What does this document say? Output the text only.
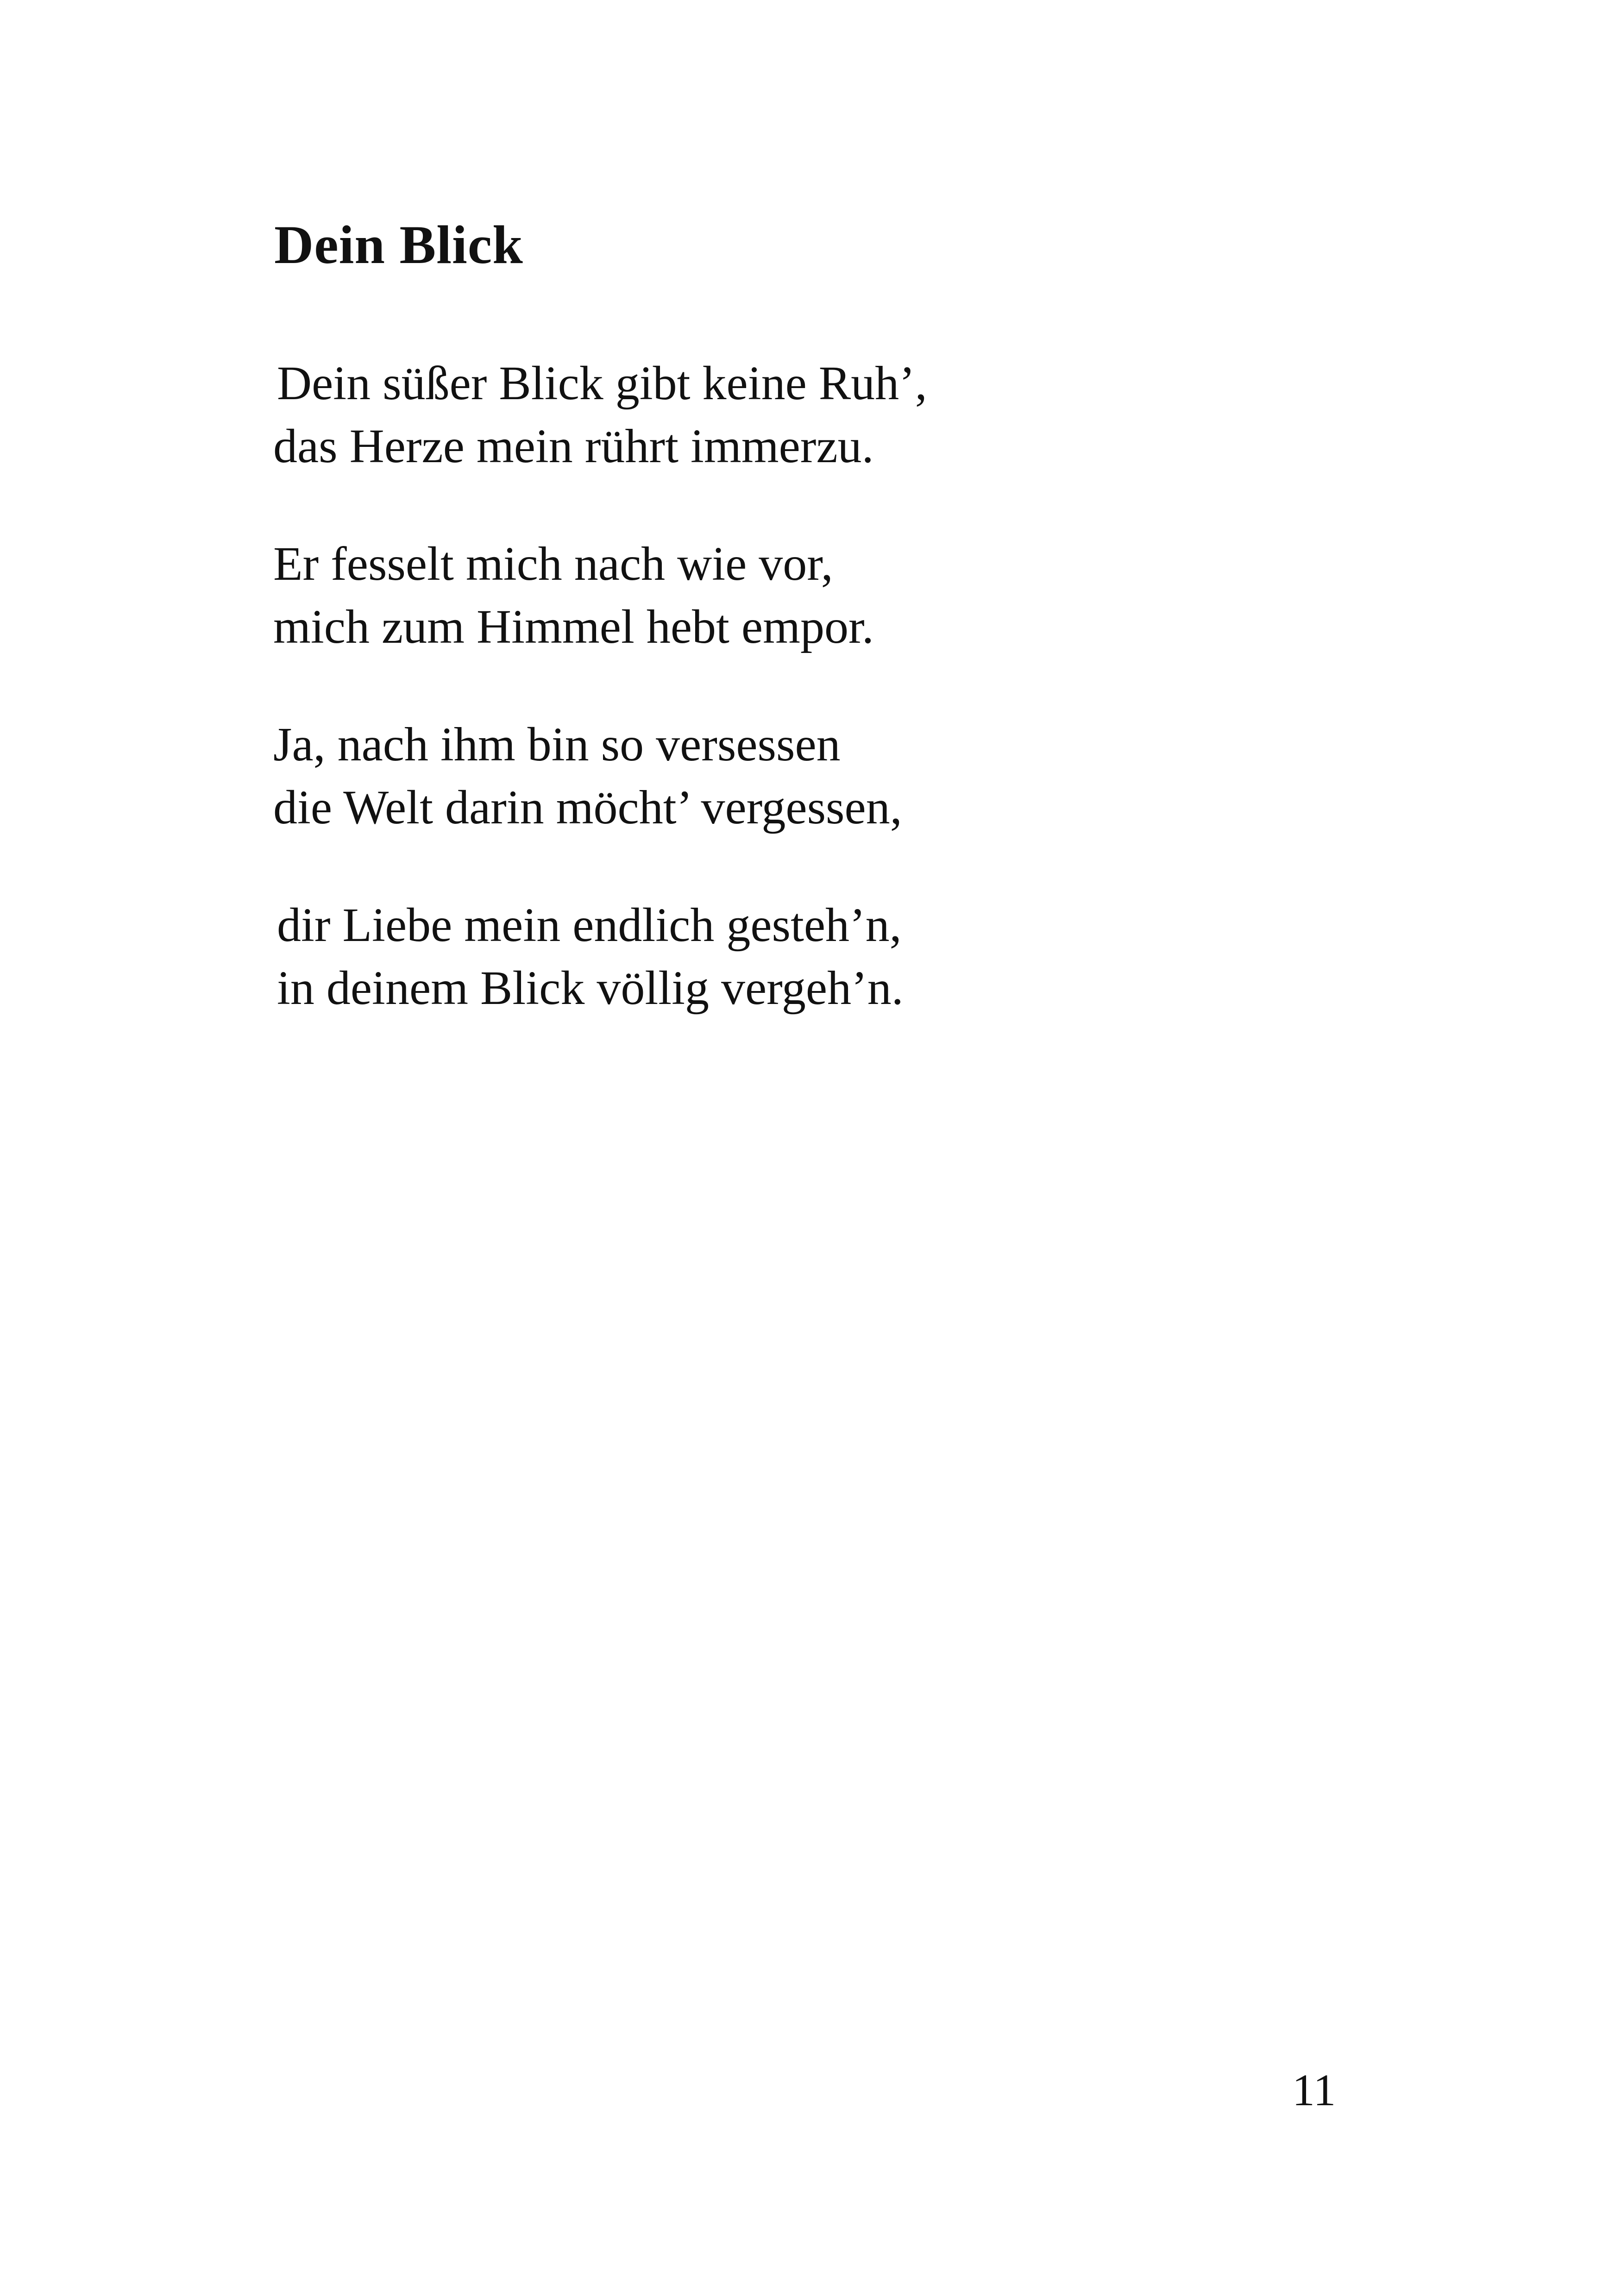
Dein Blick

Dein süßer Blick gibt keine Ruh’,
das Herze mein rührt immerzu.

Er fesselt mich nach wie vor,
mich zum Himmel hebt empor.

Ja, nach ihm bin so versessen
die Welt darin möcht’ vergessen,

dir Liebe mein endlich gesteh’n,
in deinem Blick völlig vergeh’n.

11
